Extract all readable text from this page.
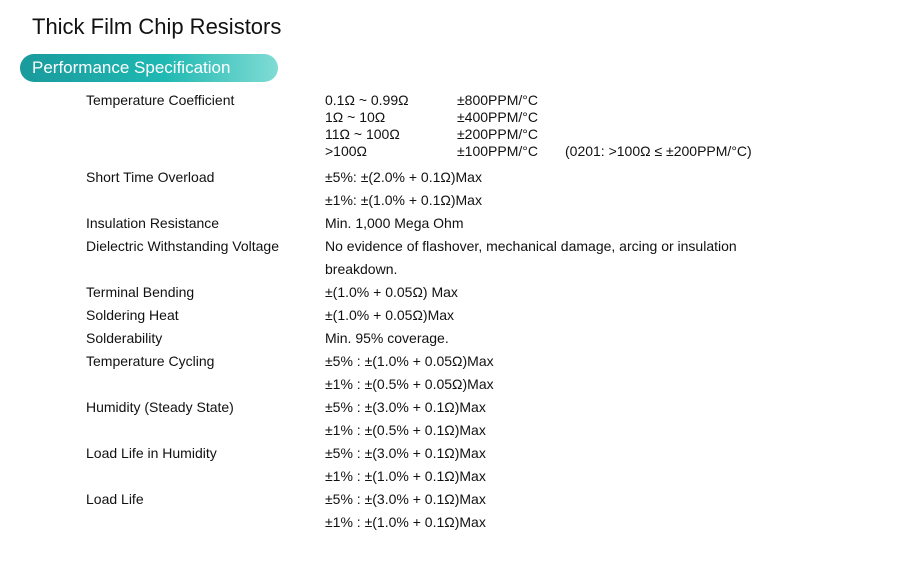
Thick Film Chip Resistors
Performance Specification
Temperature Coefficient	0.1Ω ~ 0.99Ω	±800PPM/°C
1Ω ~ 10Ω	±400PPM/°C
11Ω ~ 100Ω	±200PPM/°C
>100Ω	±100PPM/°C (0201: >100Ω ≤ ±200PPM/°C)
Short Time Overload	±5%: ±(2.0% + 0.1Ω)Max
±1%: ±(1.0% + 0.1Ω)Max
Insulation Resistance	Min. 1,000 Mega Ohm
Dielectric Withstanding Voltage	No evidence of flashover, mechanical damage, arcing or insulation breakdown.
Terminal Bending	±(1.0% + 0.05Ω) Max
Soldering Heat	±(1.0% + 0.05Ω)Max
Solderability	Min. 95% coverage.
Temperature Cycling	±5% : ±(1.0% + 0.05Ω)Max
±1% : ±(0.5% + 0.05Ω)Max
Humidity (Steady State)	±5% : ±(3.0% + 0.1Ω)Max
±1% : ±(0.5% + 0.1Ω)Max
Load Life in Humidity	±5% : ±(3.0% + 0.1Ω)Max
±1% : ±(1.0% + 0.1Ω)Max
Load Life	±5% : ±(3.0% + 0.1Ω)Max
±1% : ±(1.0% + 0.1Ω)Max
